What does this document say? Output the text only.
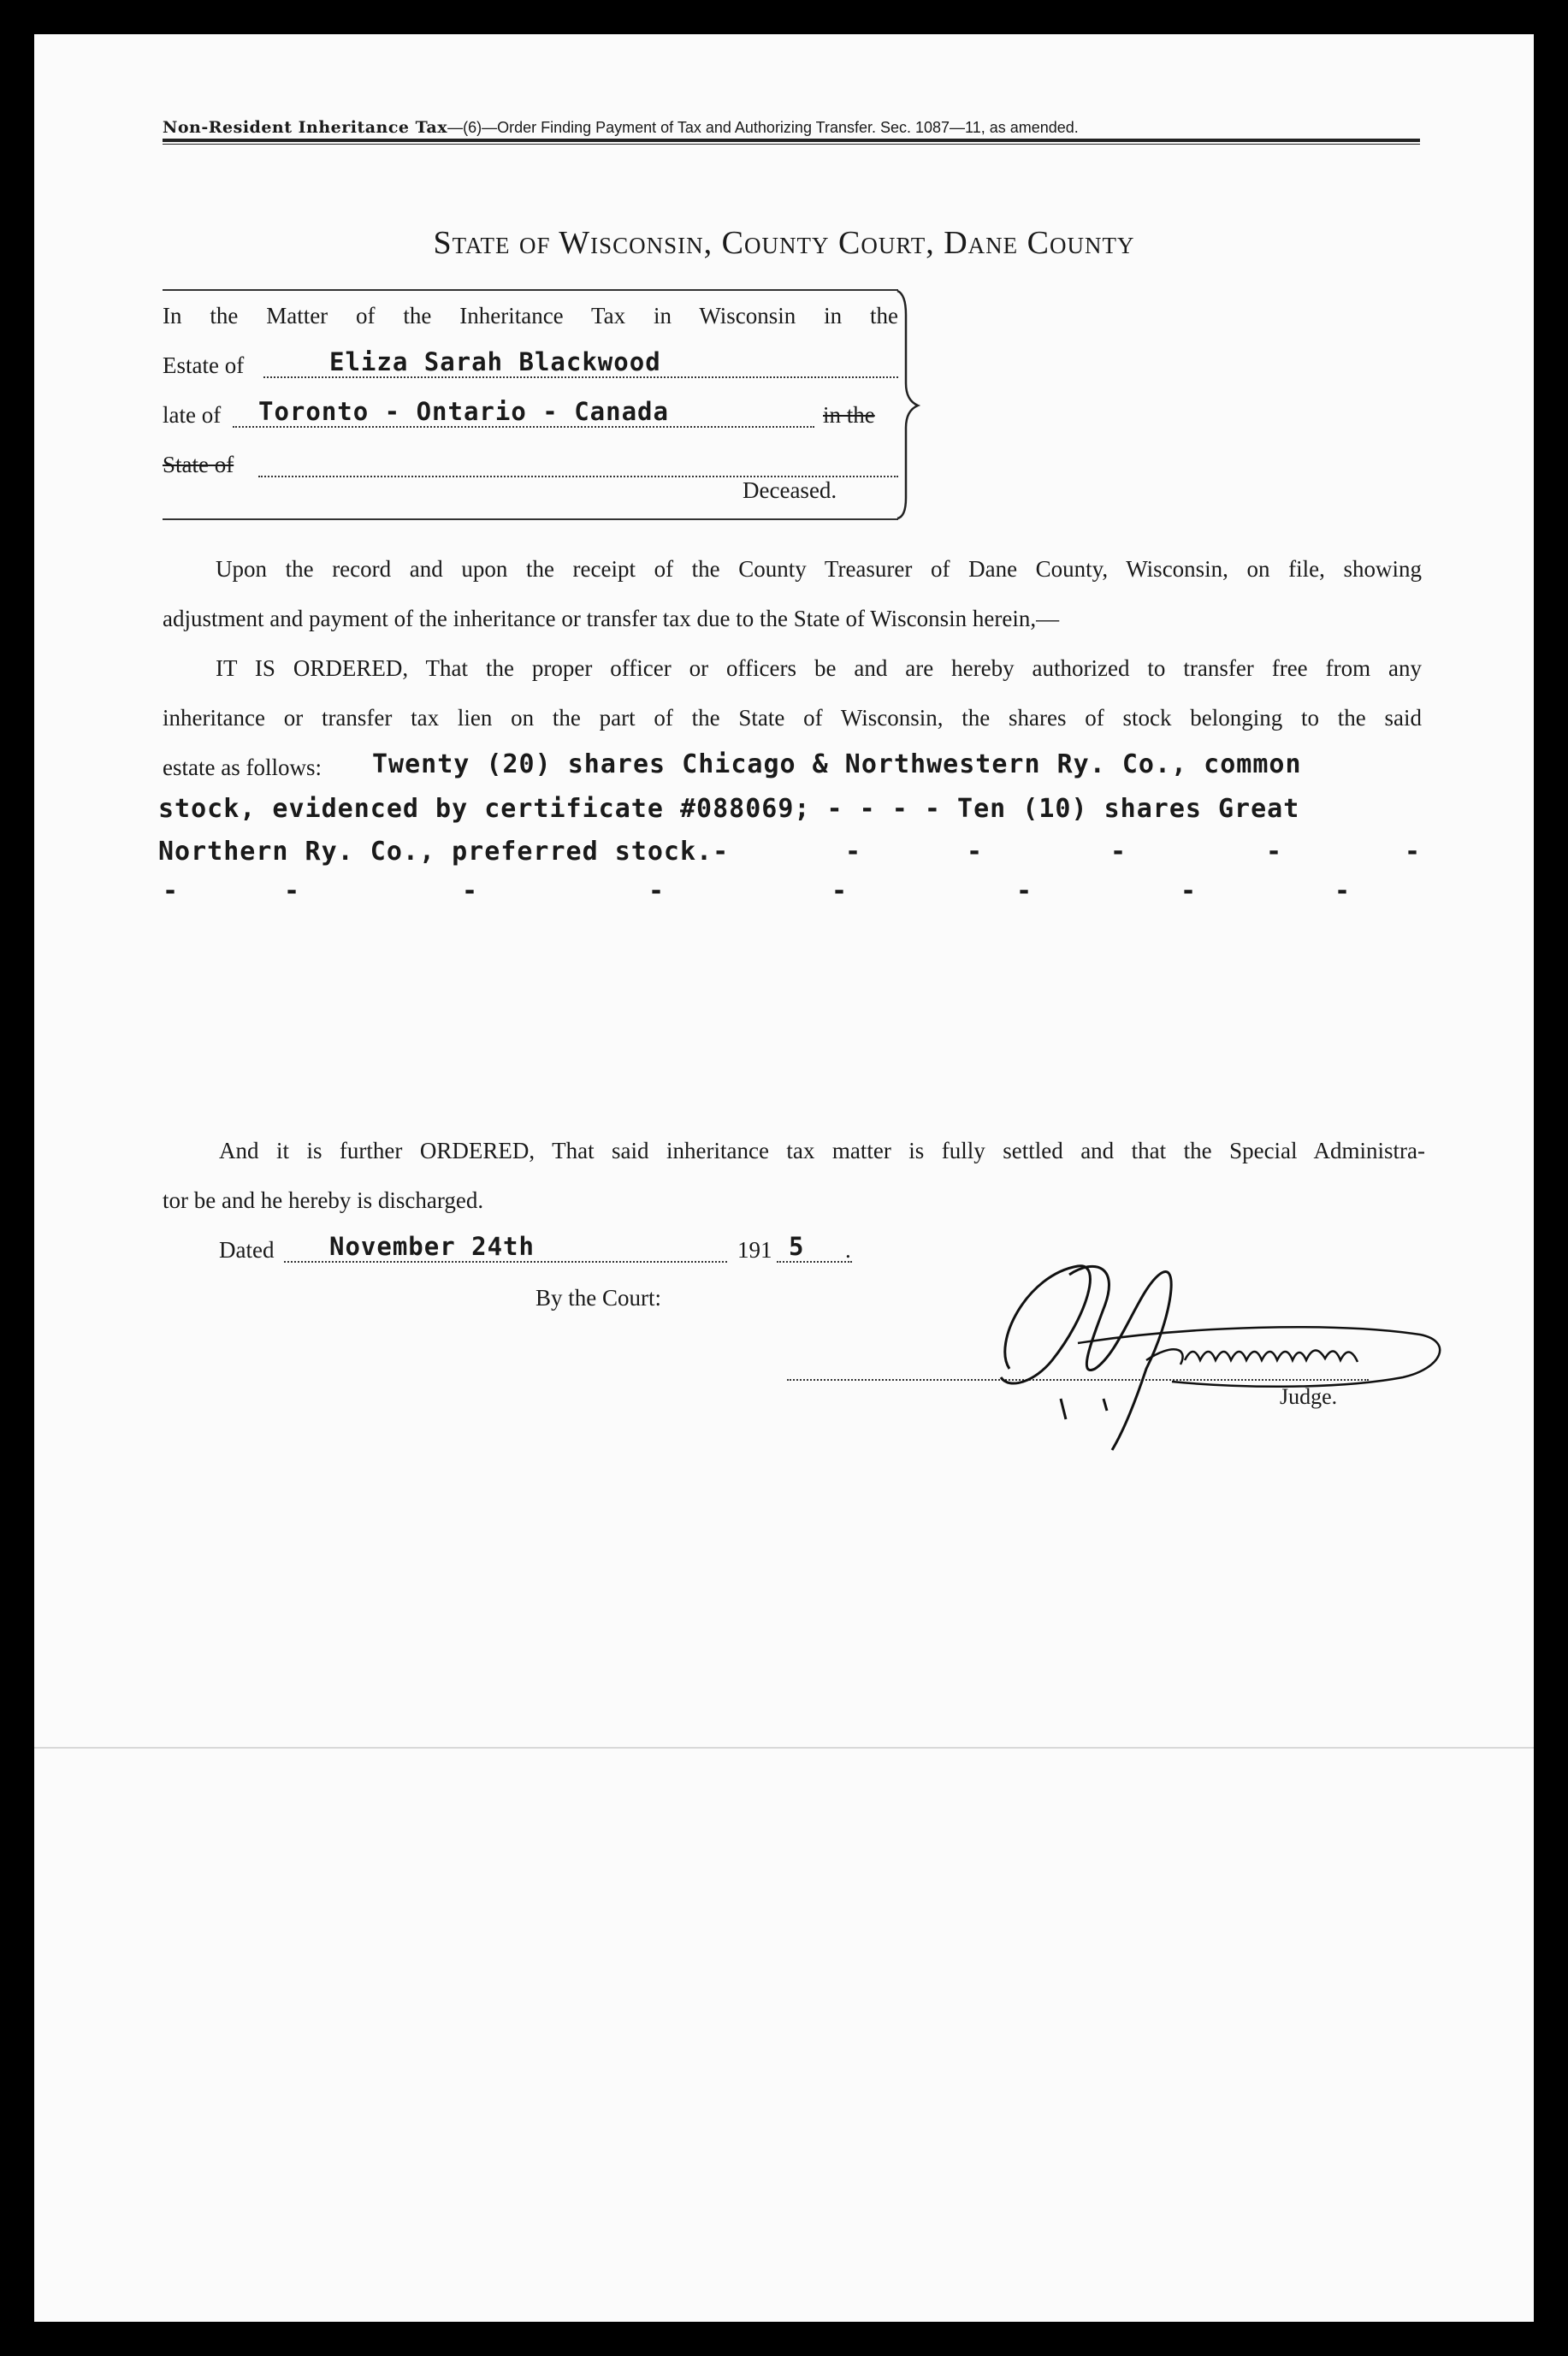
Non-Resident Inheritance Tax—(6)—Order Finding Payment of Tax and Authorizing Transfer. Sec. 1087—11, as amended.
State of Wisconsin, County Court, Dane County
In the Matter of the Inheritance Tax in Wisconsin in the
Estate of	Eliza Sarah Blackwood
late of Toronto - Ontario - Canada	in the
State of
Deceased.
Upon the record and upon the receipt of the County Treasurer of Dane County, Wisconsin, on file, showing
adjustment and payment of the inheritance or transfer tax due to the State of Wisconsin herein,—
IT IS ORDERED, That the proper officer or officers be and are hereby authorized to transfer free from any
inheritance or transfer tax lien on the part of the State of Wisconsin, the shares of stock belonging to the said
estate as follows: Twenty (20) shares Chicago & Northwestern Ry. Co., common
stock, evidenced by certificate #088069; - - - - Ten (10) shares Great
Northern Ry. Co., preferred stock.-	-	-	-	-	-
-	-	-	-	-	-	-	-
And it is further ORDERED, That said inheritance tax matter is fully settled and that the Special Administra-
tor be and he hereby is discharged.
Dated November 24th	191 5 .
By the Court:
A.G. Zimmerman
Judge.
